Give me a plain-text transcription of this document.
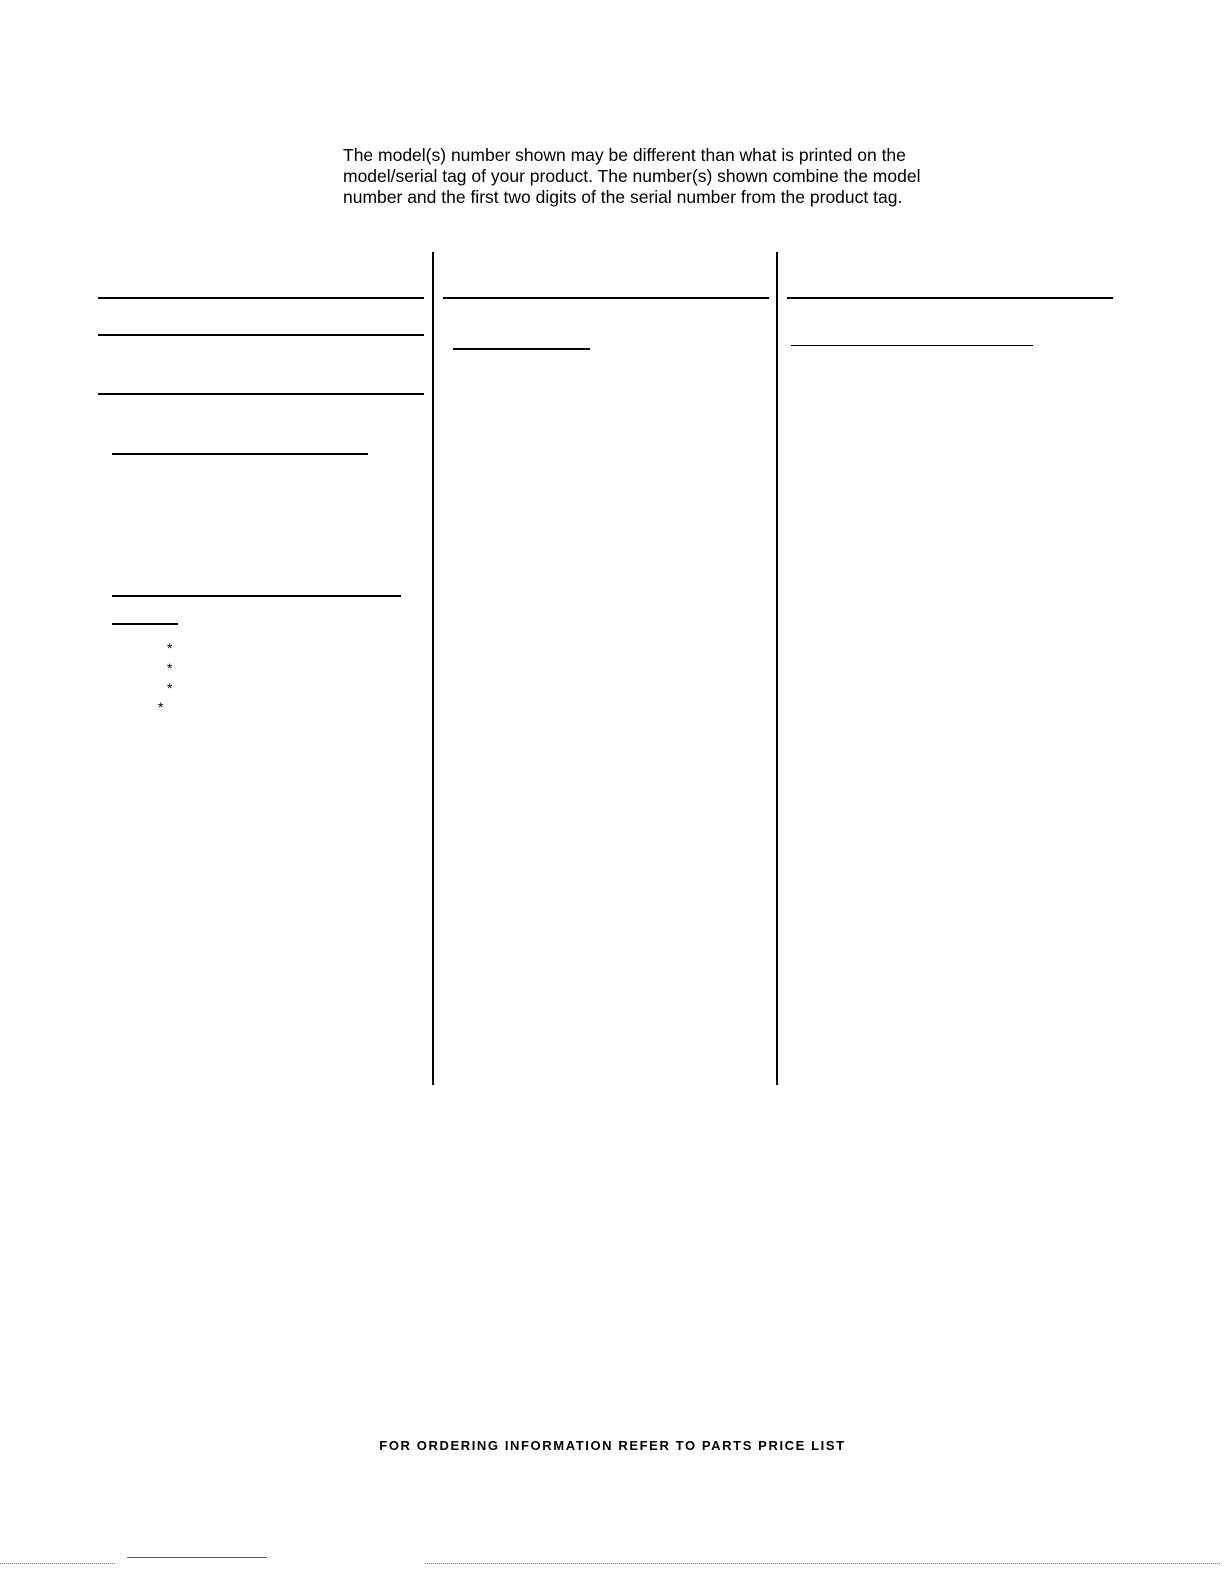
The model(s) number shown may be different than what is printed on the
model/serial tag of your product. The number(s) shown combine the model
number and the first two digits of the serial number from the product tag.
*
*
*
*
FOR ORDERING INFORMATION REFER TO PARTS PRICE LIST
